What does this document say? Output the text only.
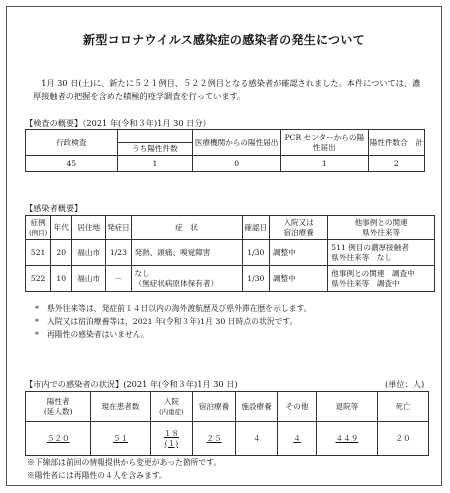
新型コロナウイルス感染症の感染者の発生について
　1月 30 日(土)に、新たに５２１例目、５２２例目となる感染者が確認されました。本件については、濃厚接触者の把握を含めた積極的疫学調査を行っています。
【検査の概要】（2021 年(令和３年)1月 30 日分）
行政検査		医療機関からの陽性届出	PCR センターからの陽性届出	陽性件数合　計
	うち陽性件数			
45	1	0	1	2
【感染者概要】
症例
(例目)	年代	居住地	発症日	症　状	確認日	入院又は
宿泊療養	他事例との関連
県外往来等
521	20	福山市	1/23	発熱、頭痛、嗅覚障害	1/30	調整中	511 例目の濃厚接触者
県外往来等　なし
522	10	福山市	－	なし
（無症状病原体保有者）	1/30	調整中	他事例との関連　調査中
県外往来等　調査中
* 県外往来等は，発症前１４日以内の海外渡航歴及び県外滞在歴を示します。
* 入院又は宿泊療養等は，2021 年(令和３年)1月 30 日時点の状況です。
* 再陽性の感染者はいません。
【市内での感染者の状況】(2021 年(令和３年)1月 30 日)	(単位：人)
陽性者
(延人数)	現在患者数	入院
(内重症)	宿泊療養	施設療養	その他	退院等	死亡
５２０	５１	１８
(１)	２５	４	４	４４９	２０
※下線部は前回の情報提供から変更があった箇所です。
※陽性者には再陽性の４人を含みます。
